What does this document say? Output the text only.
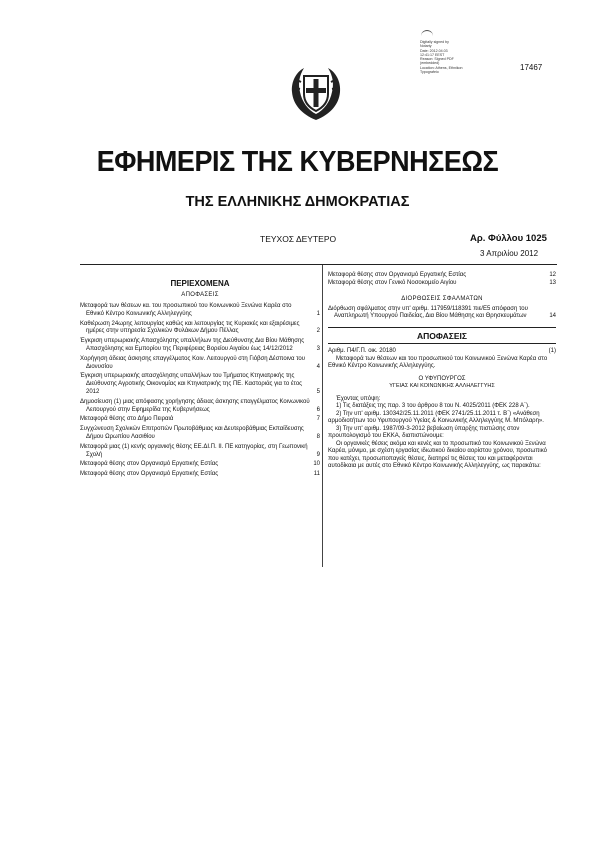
Digitally signed by
Notarty
Date: 2012.04.03
12:41:17 EEST
Reason: Signed PDF
(embedded)
Location: Athens, Ethnikon
Typografeio
17467
ΕΦΗΜΕΡΙΣ ΤΗΣ ΚΥΒΕΡΝΗΣΕΩΣ
ΤΗΣ ΕΛΛΗΝΙΚΗΣ ΔΗΜΟΚΡΑΤΙΑΣ
ΤΕΥΧΟΣ ΔΕΥΤΕΡΟ	Αρ. Φύλλου 1025
3 Απριλίου 2012

ΠΕΡΙΕΧΟΜΕΝΑ

ΑΠΟΦΑΣΕΙΣ

Μεταφορά των θέσεων κα. του προσωπικού του Κοινωνικού Ξενώνα Καρέα στο Εθνικό Κέντρο Κοινωνικής Αλληλεγγύης	1
Καθιέρωση 24ωρης λειτουργίας καθώς και λειτουργίας τις Κυριακές και εξαιρέσιμες ημέρες στην υπηρεσία Σχολικών Φυλάκων Δήμου Πέλλας	2
Έγκριση υπερωριακής Απασχόλησης υπαλλήλων της Διεύθυνσης Δια Βίου Μάθησης Απασχόλησης και Εμπορίου της Περιφέρειας Βορείου Αιγαίου έως 14/12/2012	3
Χορήγηση άδειας άσκησης επαγγέλματος Κοιν. Λειτουργού στη Γιόβση Δέσποινα του Διονυσίου	4
Έγκριση υπερωριακής απασχόλησης υπαλλήλων του Τμήματος Κτηνιατρικής της Διεύθυνσης Αγροτικής Οικονομίας και Κτηνιατρικής της ΠΕ. Καστοριάς για το έτος 2012	5
Δημοσίευση (1) μιας απόφασης χορήγησης άδειας άσκησης επαγγέλματος Κοινωνικού Λειτουργού στην Εφημερίδα της Κυβερνήσεως	6
Μεταφορά θέσης στο Δήμο Πειραιά	7
Συγχώνευση Σχολικών Επιτροπών Πρωτοβάθμιας και Δευτεροβάθμιας Εκπαίδευσης Δήμου Ωρωπίου Λασιθίου	8
Μεταφορά μιας (1) κενής οργανικής θέσης ΕΕ.ΔΙ.Π. ΙΙ. ΠΕ κατηγορίας, στη Γεωπονική Σχολή	9
Μεταφορά θέσης στον Οργανισμό Εργατικής Εστίας	10
Μεταφορά θέσης στον Οργανισμό Εργατικής Εστίας	11
Μεταφορά θέσης στον Οργανισμό Εργατικής Εστίας	12
Μεταφορά θέσης στον Γενικό Νοσοκομείο Αιγίου	13

ΔΙΟΡΘΩΣΕΙΣ ΣΦΑΛΜΑΤΩΝ

Διόρθωση σφάλματος στην υπ' αριθμ. 117959/118391 πιε/Ε5 απόφαση του Αναπληρωτή Υπουργού Παιδείας, Δια Βίου Μάθησης και Θρησκευμάτων	14

ΑΠΟΦΑΣΕΙΣ

Αριθμ. Π4/Γ.Π. οικ. 20180	(1)

Μεταφορά των θέσεων και του προσωπικού του Κοινωνικού Ξενώνα Καρέα στο Εθνικό Κέντρο Κοινωνικής Αλληλεγγύης.

Ο ΥΦΥΠΟΥΡΓΟΣ

ΥΓΕΙΑΣ ΚΑΙ ΚΟΙΝΩΝΙΚΗΣ ΑΛΛΗΛΕΓΓΥΗΣ

Έχοντας υπόψη:

1) Τις διατάξεις της παρ. 3 του άρθρου 8 του Ν. 4025/2011 (ΦΕΚ 228 Α΄).

2) Την υπ' αριθμ. 130342/25.11.2011 (ΦΕΚ 2741/25.11.2011 τ. Β΄) «Ανάθεση αρμοδιοτήτων του Υφυπουργού Υγείας & Κοινωνικής Αλληλεγγύης Μ. Μπόλαρη».

3) Την υπ' αριθμ. 1987/09-3-2012 βεβαίωση ύπαρξης πιστώσης στον προυπολογισμό του ΕΚΚΑ, διαπιστώνουμε:

Οι οργανικές θέσεις ακόμα και κενές και το προσωπικό του Κοινωνικού Ξενώνα Καρέα, μόνιμο, με σχέση εργασίας ιδιωτικού δικαίου αορίστου χρόνου, προσωπικό που κατέχει, προσωποπαγείς θέσεις, διατηρεί τις θέσεις του και μεταφέρονται αυτοδίκαια με αυτές στο Εθνικό Κέντρο Κοινωνικής Αλληλεγγύης, ως παρακάτω:
